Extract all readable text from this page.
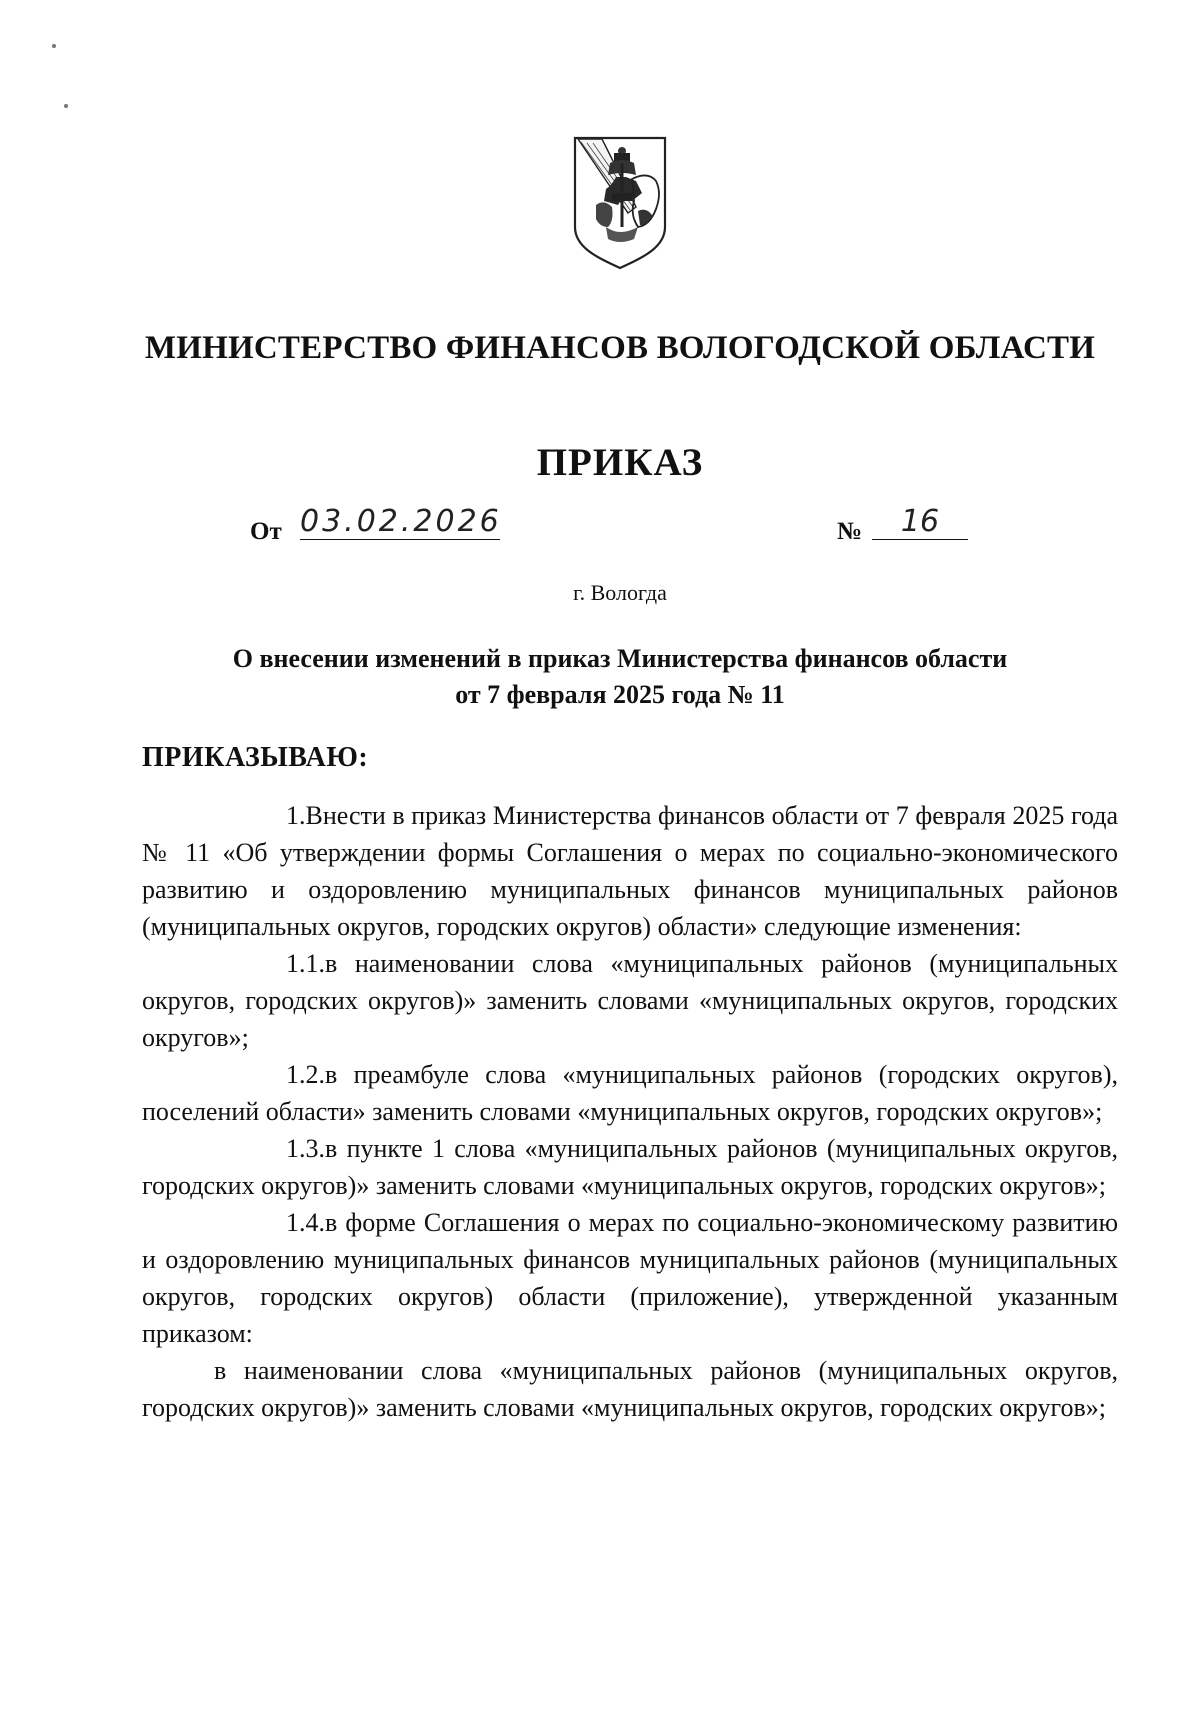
МИНИСТЕРСТВО ФИНАНСОВ ВОЛОГОДСКОЙ ОБЛАСТИ
ПРИКАЗ
От 03.02.2026	№	16
г. Вологда
О внесении изменений в приказ Министерства финансов области
от 7 февраля 2025 года № 11
ПРИКАЗЫВАЮ:

1.Внести в приказ Министерства финансов области от 7 февраля 2025 года № 11 «Об утверждении формы Соглашения о мерах по социально-экономического развитию и оздоровлению муниципальных финансов муниципальных районов (муниципальных округов, городских округов) области» следующие изменения:

1.1.в наименовании слова «муниципальных районов (муниципальных округов, городских округов)» заменить словами «муниципальных округов, городских округов»;

1.2.в преамбуле слова «муниципальных районов (городских округов), поселений области» заменить словами «муниципальных округов, городских округов»;

1.3.в пункте 1 слова «муниципальных районов (муниципальных округов, городских округов)» заменить словами «муниципальных округов, городских округов»;

1.4.в форме Соглашения о мерах по социально-экономическому развитию и оздоровлению муниципальных финансов муниципальных районов (муниципальных округов, городских округов) области (приложение), утвержденной указанным приказом:

в наименовании слова «муниципальных районов (муниципальных округов, городских округов)» заменить словами «муниципальных округов, городских округов»;
